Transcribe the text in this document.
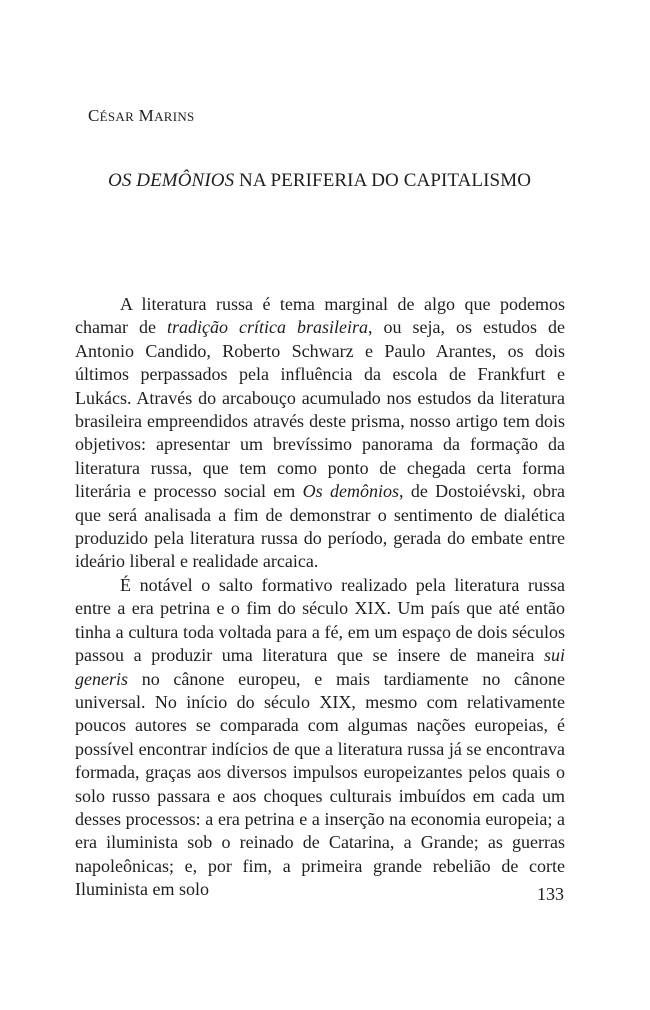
CÉSAR MARINS
OS DEMÔNIOS NA PERIFERIA DO CAPITALISMO

A literatura russa é tema marginal de algo que podemos chamar de tradição crítica brasileira, ou seja, os estudos de Antonio Candido, Roberto Schwarz e Paulo Arantes, os dois últimos perpassados pela influência da escola de Frankfurt e Lukács. Através do arcabouço acumulado nos estudos da literatura brasileira empreendidos através deste prisma, nosso artigo tem dois objetivos: apresentar um brevíssimo panorama da formação da literatura russa, que tem como ponto de chegada certa forma literária e processo social em Os demônios, de Dostoiévski, obra que será analisada a fim de demonstrar o sentimento de dialética produzido pela literatura russa do período, gerada do embate entre ideário liberal e realidade arcaica.

É notável o salto formativo realizado pela literatura russa entre a era petrina e o fim do século XIX. Um país que até então tinha a cultura toda voltada para a fé, em um espaço de dois séculos passou a produzir uma literatura que se insere de maneira sui generis no cânone europeu, e mais tardiamente no cânone universal. No início do século XIX, mesmo com relativamente poucos autores se comparada com algumas nações europeias, é possível encontrar indícios de que a literatura russa já se encontrava formada, graças aos diversos impulsos europeizantes pelos quais o solo russo passara e aos choques culturais imbuídos em cada um desses processos: a era petrina e a inserção na economia europeia; a era iluminista sob o reinado de Catarina, a Grande; as guerras napoleônicas; e, por fim, a primeira grande rebelião de corte Iluminista em solo	133
